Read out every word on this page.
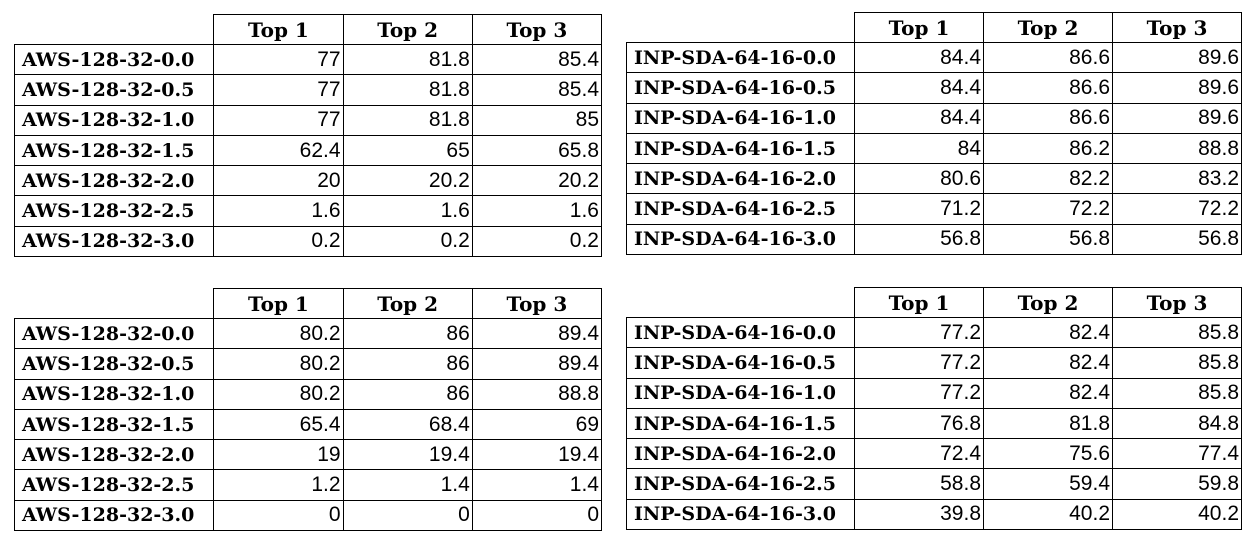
	Top 1	Top 2	Top 3
AWS-128-32-0.0	77	81.8	85.4
AWS-128-32-0.5	77	81.8	85.4
AWS-128-32-1.0	77	81.8	85
AWS-128-32-1.5	62.4	65	65.8
AWS-128-32-2.0	20	20.2	20.2
AWS-128-32-2.5	1.6	1.6	1.6
AWS-128-32-3.0	0.2	0.2	0.2
	Top 1	Top 2	Top 3
INP-SDA-64-16-0.0	84.4	86.6	89.6
INP-SDA-64-16-0.5	84.4	86.6	89.6
INP-SDA-64-16-1.0	84.4	86.6	89.6
INP-SDA-64-16-1.5	84	86.2	88.8
INP-SDA-64-16-2.0	80.6	82.2	83.2
INP-SDA-64-16-2.5	71.2	72.2	72.2
INP-SDA-64-16-3.0	56.8	56.8	56.8
	Top 1	Top 2	Top 3
AWS-128-32-0.0	80.2	86	89.4
AWS-128-32-0.5	80.2	86	89.4
AWS-128-32-1.0	80.2	86	88.8
AWS-128-32-1.5	65.4	68.4	69
AWS-128-32-2.0	19	19.4	19.4
AWS-128-32-2.5	1.2	1.4	1.4
AWS-128-32-3.0	0	0	0
	Top 1	Top 2	Top 3
INP-SDA-64-16-0.0	77.2	82.4	85.8
INP-SDA-64-16-0.5	77.2	82.4	85.8
INP-SDA-64-16-1.0	77.2	82.4	85.8
INP-SDA-64-16-1.5	76.8	81.8	84.8
INP-SDA-64-16-2.0	72.4	75.6	77.4
INP-SDA-64-16-2.5	58.8	59.4	59.8
INP-SDA-64-16-3.0	39.8	40.2	40.2
